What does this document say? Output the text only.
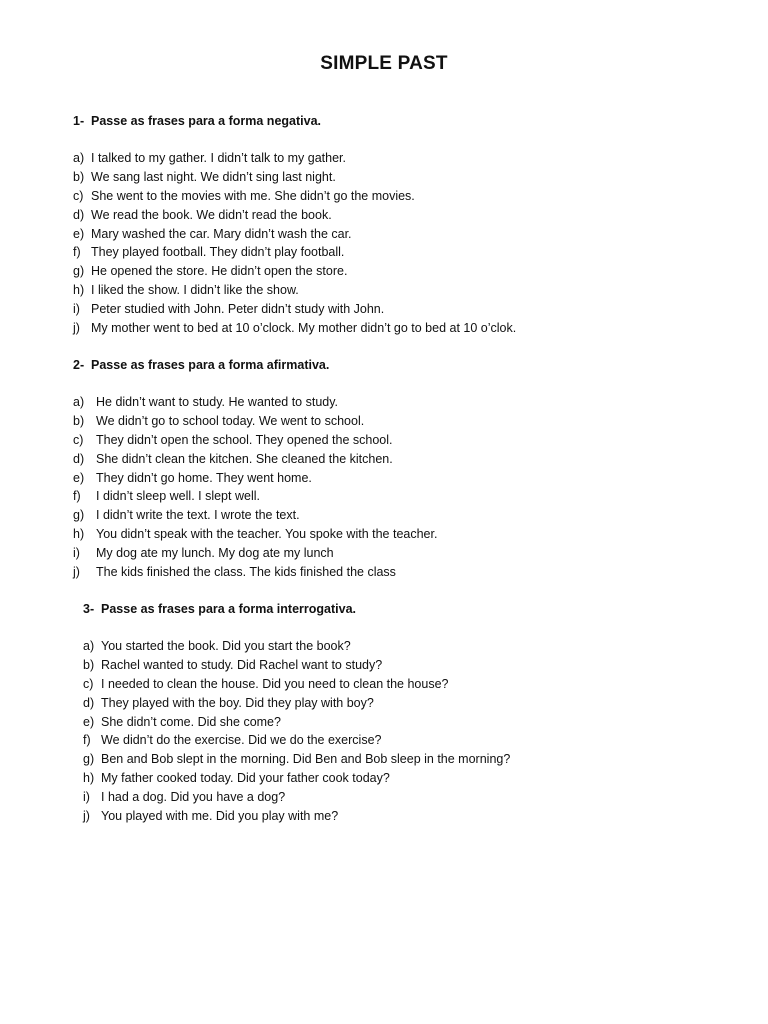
SIMPLE PAST
1- Passe as frases para a forma negativa.
a) I talked to my gather. I didn’t talk to my gather.
b) We sang last night. We didn’t sing last night.
c) She went to the movies with me. She didn’t go the movies.
d) We read the book. We didn’t read the book.
e) Mary washed the car. Mary didn’t wash the car.
f) They played football. They didn’t play football.
g) He opened the store. He didn’t open the store.
h) I liked the show. I didn’t like the show.
i) Peter studied with John. Peter didn’t study with John.
j) My mother went to bed at 10 o’clock. My mother didn’t go to bed at 10 o’clok.
2- Passe as frases para a forma afirmativa.
a) He didn’t want to study. He wanted to study.
b) We didn’t go to school today. We went to school.
c) They didn’t open the school. They opened the school.
d) She didn’t clean the kitchen. She cleaned the kitchen.
e) They didn’t go home. They went home.
f) I didn’t sleep well. I slept well.
g) I didn’t write the text. I wrote the text.
h) You didn’t speak with the teacher. You spoke with the teacher.
i) My dog ate my lunch. My dog ate my lunch
j) The kids finished the class. The kids finished the class
3- Passe as frases para a forma interrogativa.
a) You started the book. Did you start the book?
b) Rachel wanted to study. Did Rachel want to study?
c) I needed to clean the house. Did you need to clean the house?
d) They played with the boy. Did they play with boy?
e) She didn’t come. Did she come?
f) We didn’t do the exercise. Did we do the exercise?
g) Ben and Bob slept in the morning. Did Ben and Bob sleep in the morning?
h) My father cooked today. Did your father cook today?
i) I had a dog. Did you have a dog?
j) You played with me. Did you play with me?
